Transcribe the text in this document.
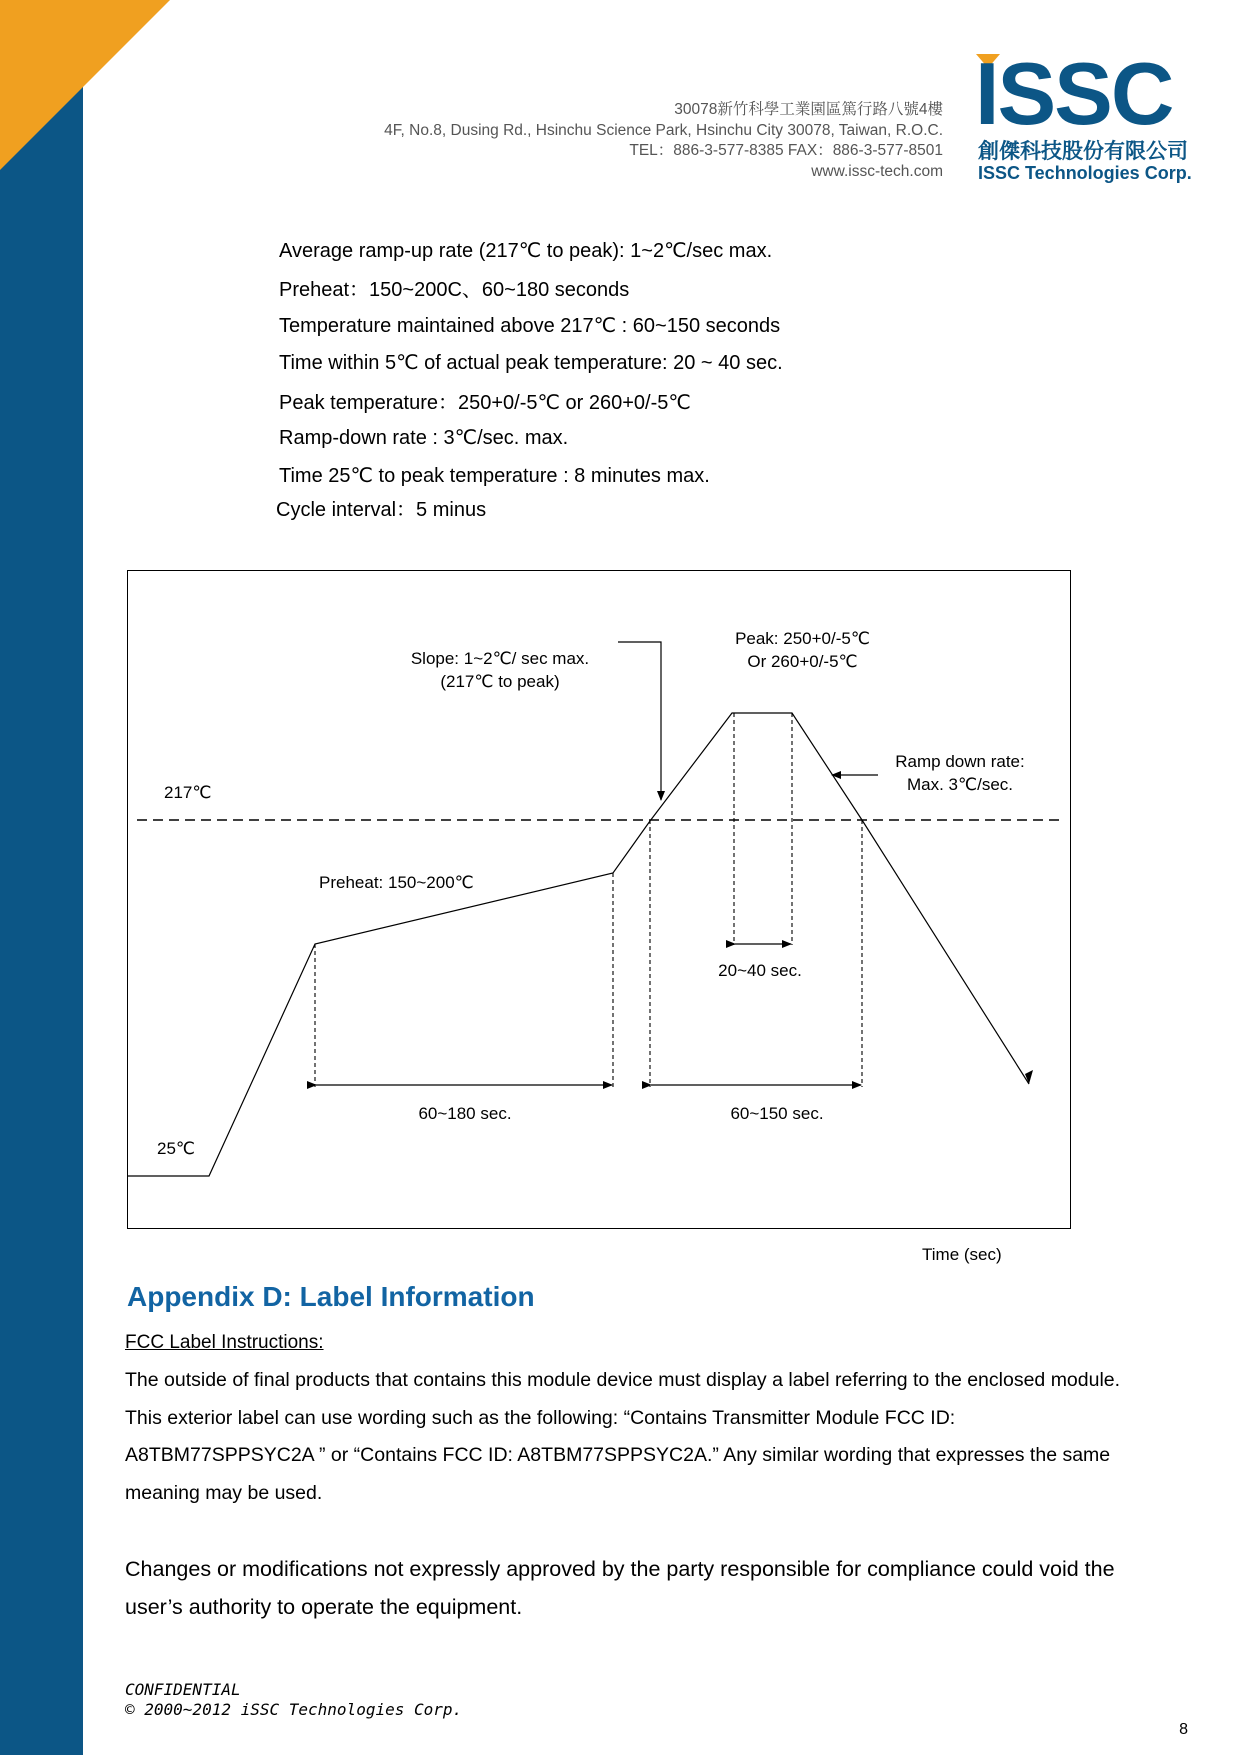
30078新竹科學工業園區篤行路八號4樓
4F, No.8, Dusing Rd., Hsinchu Science Park, Hsinchu City 30078, Taiwan, R.O.C.
TEL：886-3-577-8385 FAX：886-3-577-8501
www.issc-tech.com
ISSC
創傑科技股份有限公司
ISSC Technologies Corp.
Average ramp-up rate (217℃ to peak): 1~2℃/sec max.
Preheat：150~200C、60~180 seconds
Temperature maintained above 217℃ : 60~150 seconds
Time within 5℃ of actual peak temperature: 20 ~ 40 sec.
Peak temperature：250+0/-5℃ or 260+0/-5℃
Ramp-down rate : 3℃/sec. max.
Time 25℃ to peak temperature : 8 minutes max.
Cycle interval：5 minus
Slope: 1~2℃/ sec max.
(217℃ to peak)
Peak: 250+0/-5℃
Or 260+0/-5℃
Ramp down rate:
Max. 3℃/sec.
217℃
25℃
Preheat: 150~200℃
20~40 sec.
60~180 sec.	60~150 sec.
Time (sec)
Appendix D: Label Information
FCC Label Instructions:
The outside of final products that contains this module device must display a label referring to the enclosed module.
This exterior label can use wording such as the following: “Contains Transmitter Module FCC ID:
A8TBM77SPPSYC2A ” or “Contains FCC ID: A8TBM77SPPSYC2A.” Any similar wording that expresses the same
meaning may be used.
Changes or modifications not expressly approved by the party responsible for compliance could void the
user’s authority to operate the equipment.
CONFIDENTIAL
© 2000~2012 iSSC Technologies Corp.
8
